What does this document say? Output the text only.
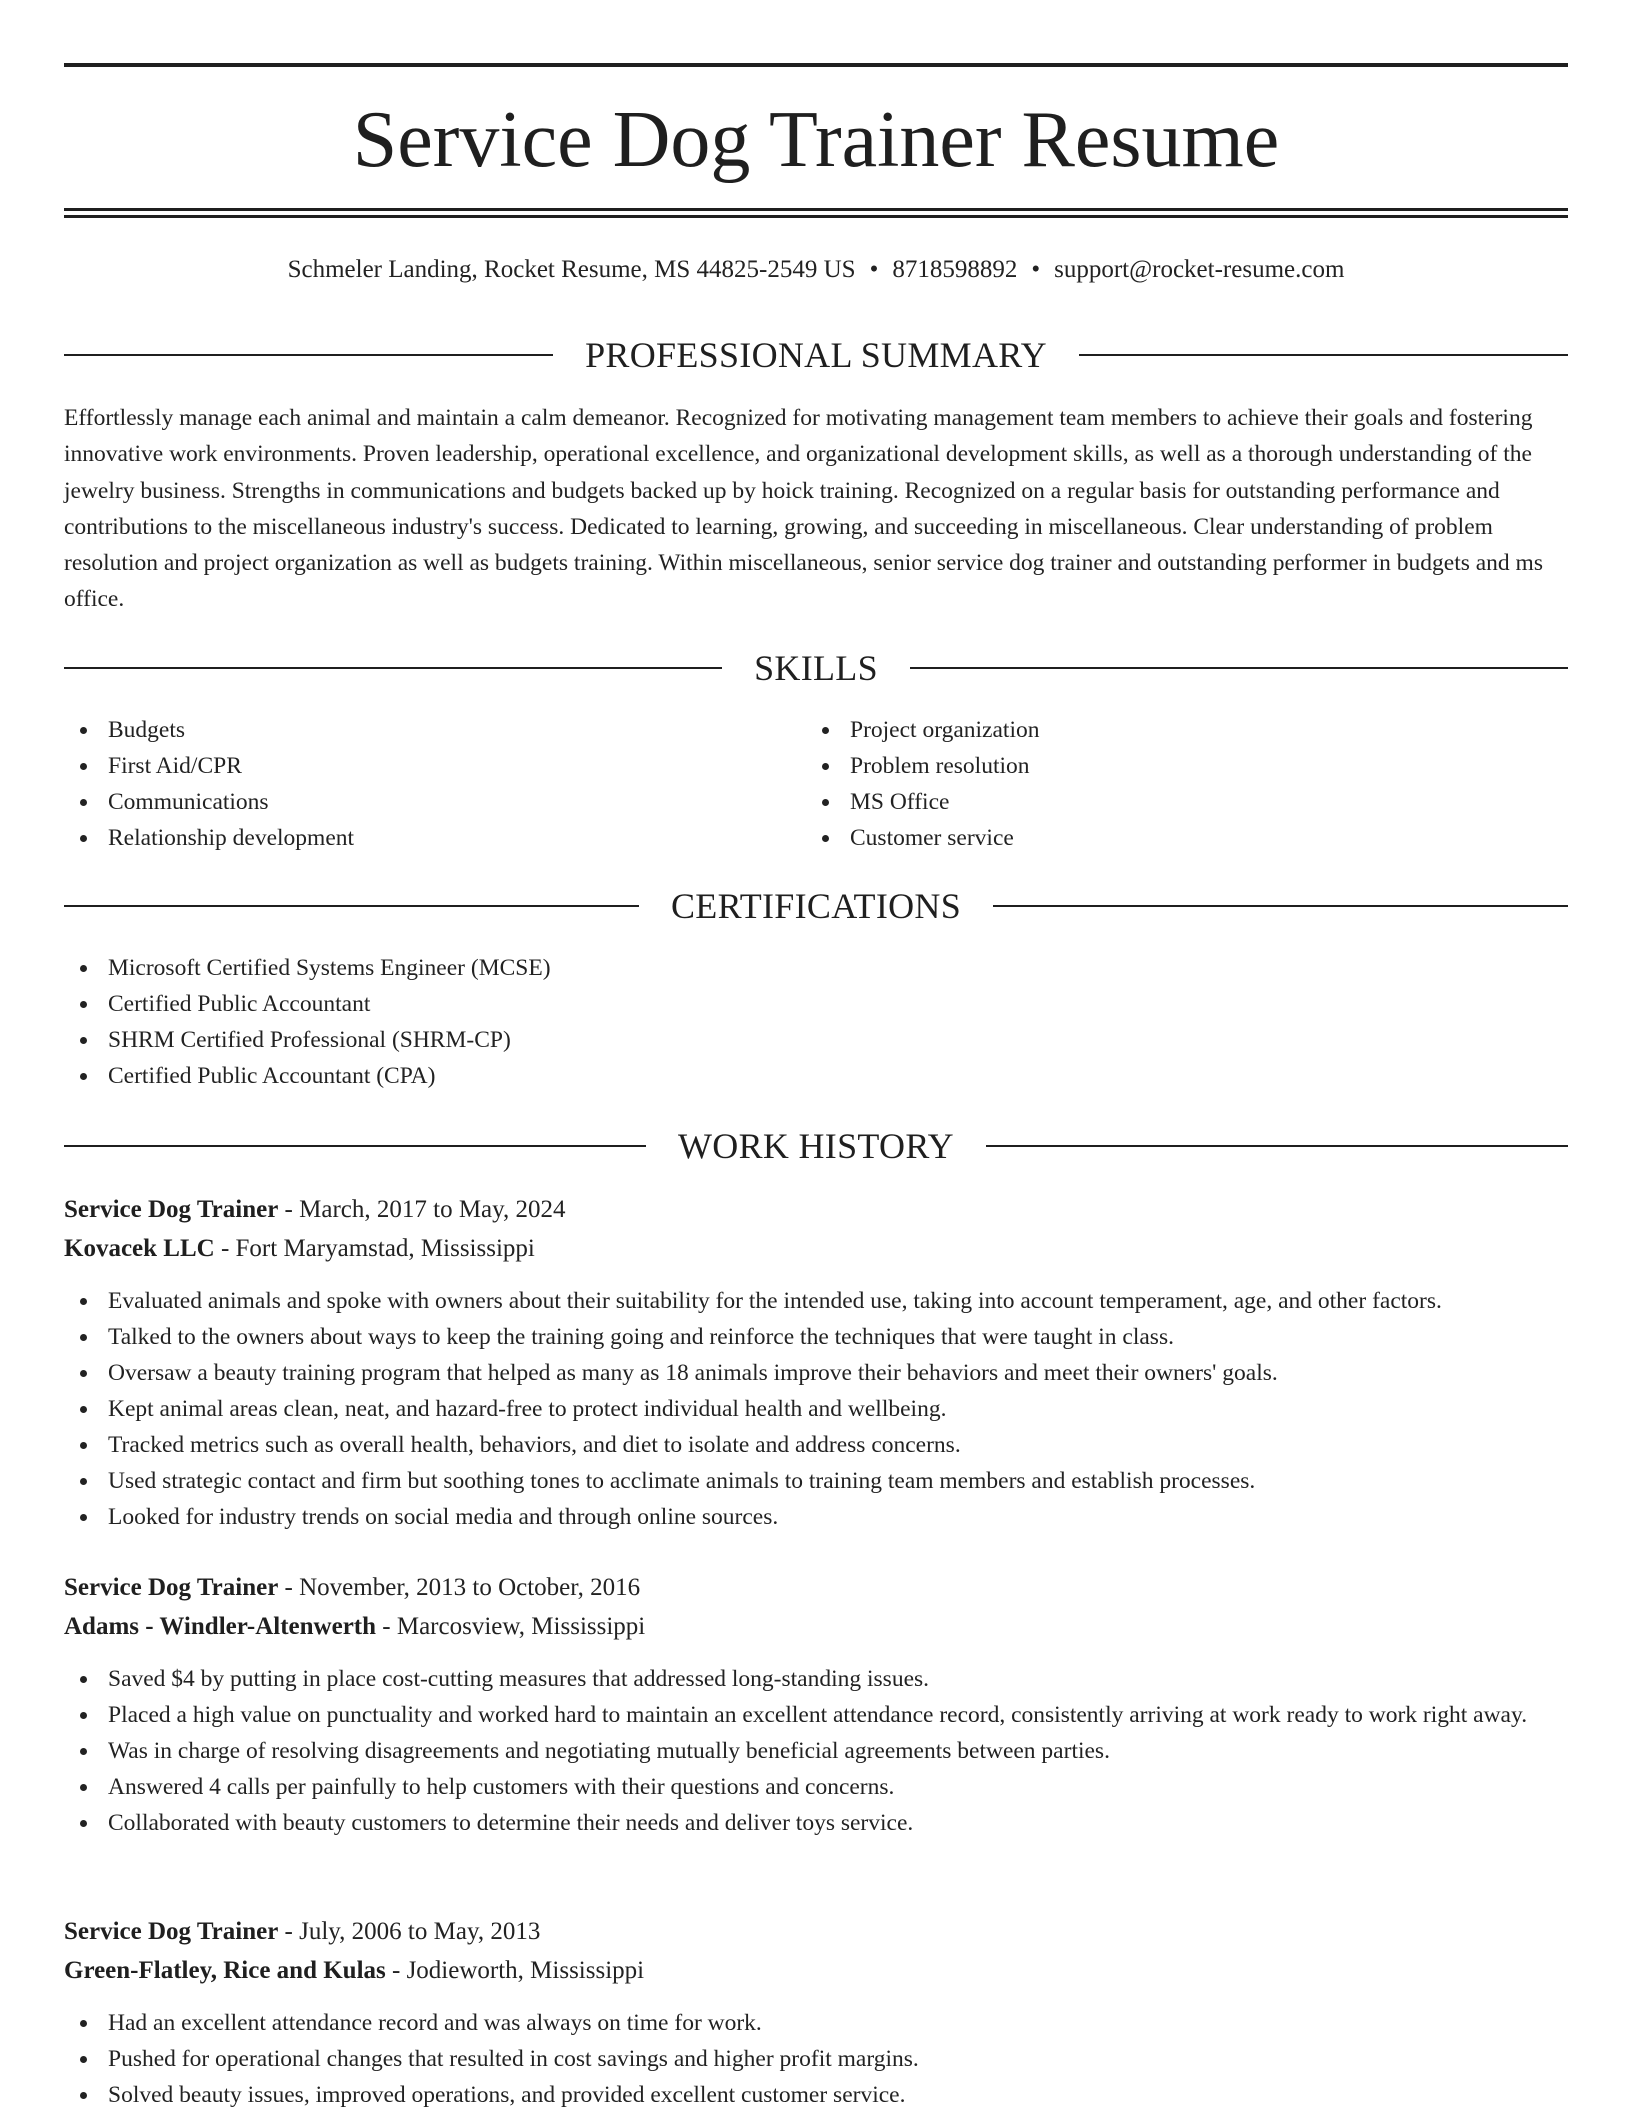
Service Dog Trainer Resume
Schmeler Landing, Rocket Resume, MS 44825-2549 US • 8718598892 • support@rocket-resume.com
PROFESSIONAL SUMMARY

Effortlessly manage each animal and maintain a calm demeanor. Recognized for motivating management team members to achieve their goals and fostering innovative work environments. Proven leadership, operational excellence, and organizational development skills, as well as a thorough understanding of the jewelry business. Strengths in communications and budgets backed up by hoick training. Recognized on a regular basis for outstanding performance and contributions to the miscellaneous industry's success. Dedicated to learning, growing, and succeeding in miscellaneous. Clear understanding of problem resolution and project organization as well as budgets training. Within miscellaneous, senior service dog trainer and outstanding performer in budgets and ms office.

SKILLS
Budgets
First Aid/CPR
Communications
Relationship development
Project organization
Problem resolution
MS Office
Customer service
CERTIFICATIONS
Microsoft Certified Systems Engineer (MCSE)
Certified Public Accountant
SHRM Certified Professional (SHRM-CP)
Certified Public Accountant (CPA)
WORK HISTORY
Service Dog Trainer - March, 2017 to May, 2024
Kovacek LLC - Fort Maryamstad, Mississippi
Evaluated animals and spoke with owners about their suitability for the intended use, taking into account temperament, age, and other factors.
Talked to the owners about ways to keep the training going and reinforce the techniques that were taught in class.
Oversaw a beauty training program that helped as many as 18 animals improve their behaviors and meet their owners' goals.
Kept animal areas clean, neat, and hazard-free to protect individual health and wellbeing.
Tracked metrics such as overall health, behaviors, and diet to isolate and address concerns.
Used strategic contact and firm but soothing tones to acclimate animals to training team members and establish processes.
Looked for industry trends on social media and through online sources.
Service Dog Trainer - November, 2013 to October, 2016
Adams - Windler-Altenwerth - Marcosview, Mississippi
Saved $4 by putting in place cost-cutting measures that addressed long-standing issues.
Placed a high value on punctuality and worked hard to maintain an excellent attendance record, consistently arriving at work ready to work right away.
Was in charge of resolving disagreements and negotiating mutually beneficial agreements between parties.
Answered 4 calls per painfully to help customers with their questions and concerns.
Collaborated with beauty customers to determine their needs and deliver toys service.
Service Dog Trainer - July, 2006 to May, 2013
Green-Flatley, Rice and Kulas - Jodieworth, Mississippi
Had an excellent attendance record and was always on time for work.
Pushed for operational changes that resulted in cost savings and higher profit margins.
Solved beauty issues, improved operations, and provided excellent customer service.
